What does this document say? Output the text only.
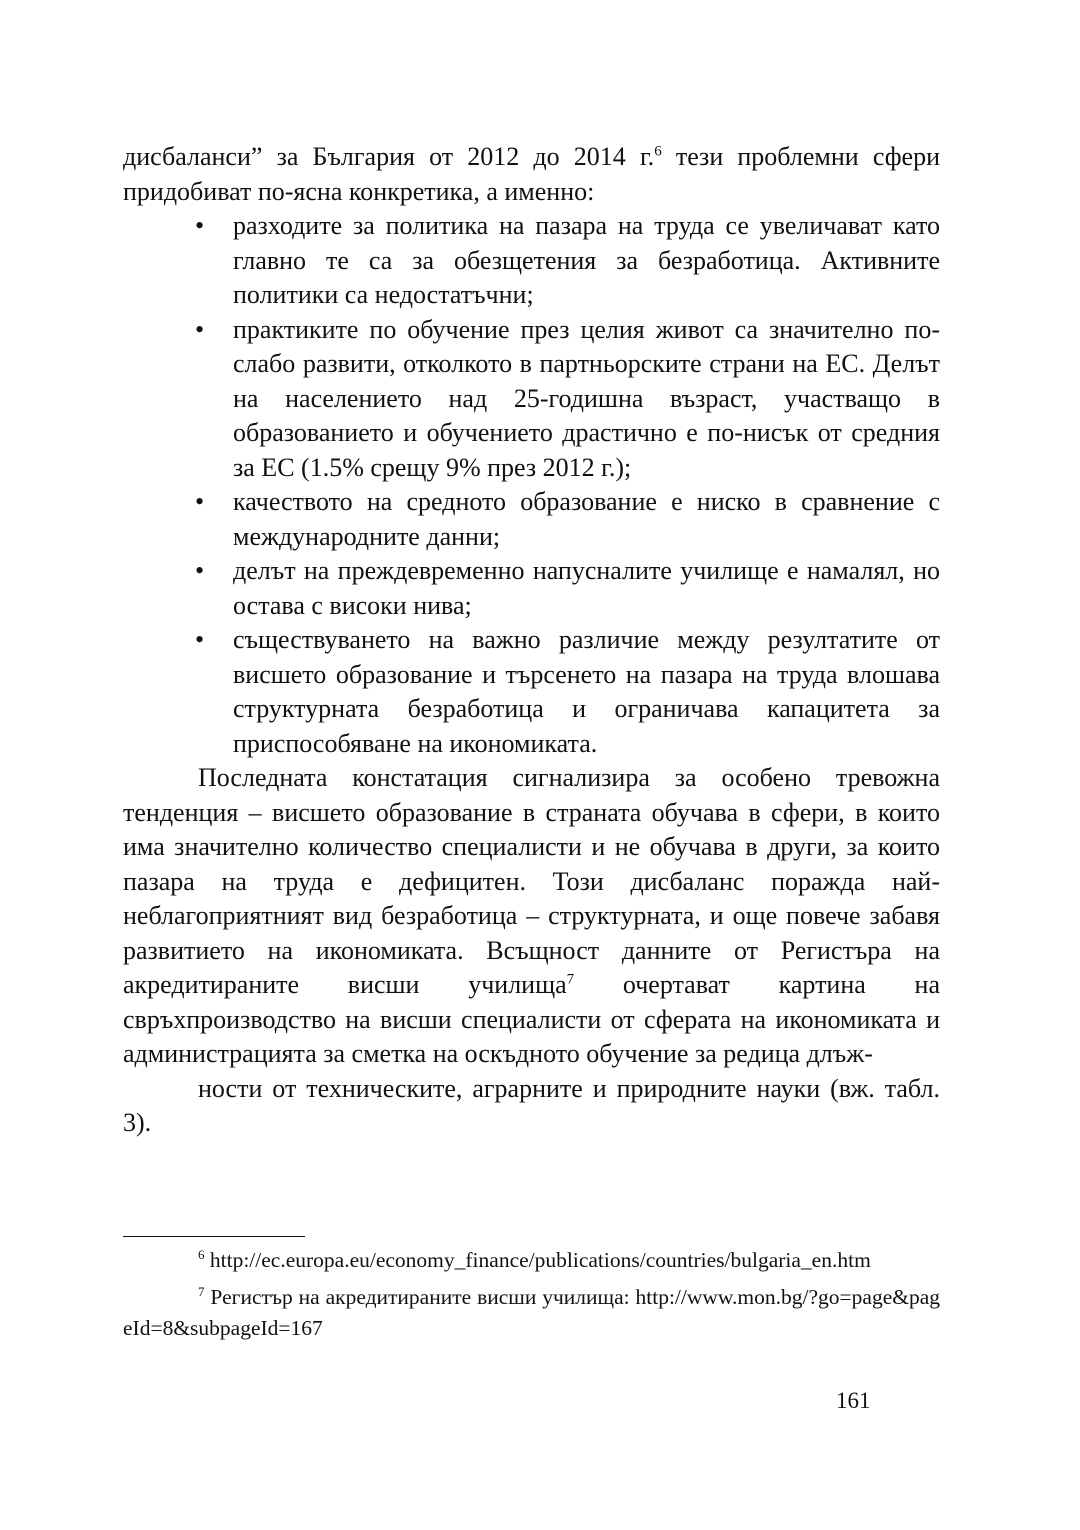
дисбаланси” за България от 2012 до 2014 г.$^6$ тези проблемни сфери придобиват по-ясна конкретика, а именно:

• разходите за политика на пазара на труда се увеличават като главно те са за обезщетения за безработица. Активните политики са недостатъчни;
• практиките по обучение през целия живот са значително по-слабо развити, отколкото в партньорските страни на ЕС. Делът на населението над 25-годишна възраст, участващо в образованието и обучението драстично е по-нисък от средния за ЕС (1.5% срещу 9% през 2012 г.);
• качеството на средното образование е ниско в сравнение с международните данни;
• делът на преждевременно напусналите училище е намалял, но остава с високи нива;
• съществуването на важно различие между резултатите от висшето образование и търсенето на пазара на труда влошава структурната безработица и ограничава капацитета за приспособяване на икономиката.

Последната констатация сигнализира за особено тревожна тенденция – висшето образование в страната обучава в сфери, в които има значително количество специалисти и не обучава в други, за които пазара на труда е дефицитен. Този дисбаланс поражда най-неблагоприятният вид безработица – структурната, и още повече забавя развитието на икономиката. Всъщност данните от Регистъра на акредитираните висши училища$^7$ очертават картина на свръхпроизводство на висши специалисти от сферата на икономиката и администрацията за сметка на оскъдното обучение за редица длъж-
ности от техническите, аграрните и природните науки (вж. табл. 3).

$^6$ http://ec.europa.eu/economy_finance/publications/countries/bulgaria_en.htm

$^7$ Регистър на акредитираните висши училища: http://www.mon.bg/?go=page&pageId=8&subpageId=167

161
